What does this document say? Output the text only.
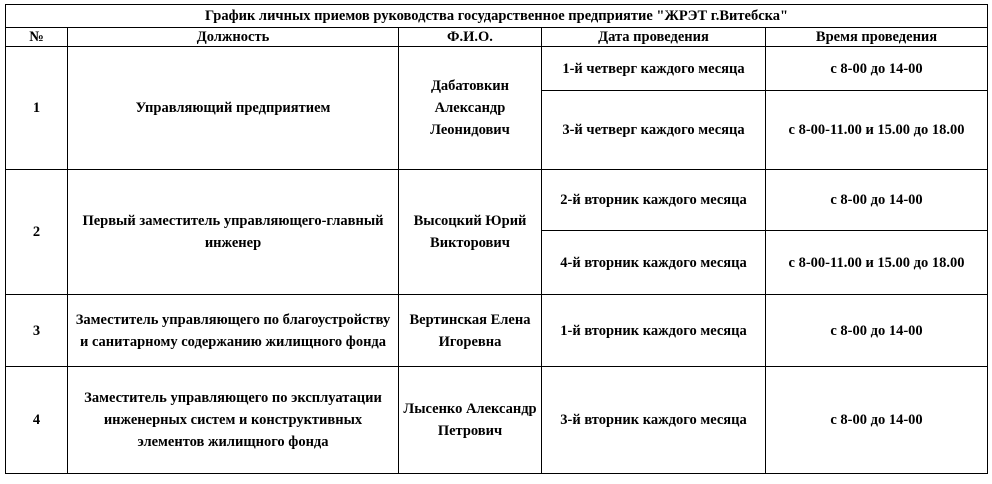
График личных приемов руководства государственное предприятие "ЖРЭТ г.Витебска"				
№	Должность	Ф.И.О.	Дата проведения	Время проведения
1	Управляющий предприятием	Дабатовкин Александр Леонидович	1-й четверг каждого месяца	с 8-00 до 14-00
			3-й четверг каждого месяца	с 8-00-11.00 и 15.00 до 18.00
2	Первый заместитель управляющего-главный инженер	Высоцкий Юрий Викторович	2-й вторник каждого месяца	с 8-00 до 14-00
			4-й вторник каждого месяца	с 8-00-11.00 и 15.00 до 18.00
3	Заместитель управляющего по благоустройству и санитарному содержанию жилищного фонда	Вертинская Елена Игоревна	1-й вторник каждого месяца	с 8-00 до 14-00
4	Заместитель управляющего по эксплуатации инженерных систем и конструктивных элементов жилищного фонда	Лысенко Александр Петрович	3-й вторник каждого месяца	с 8-00 до 14-00
